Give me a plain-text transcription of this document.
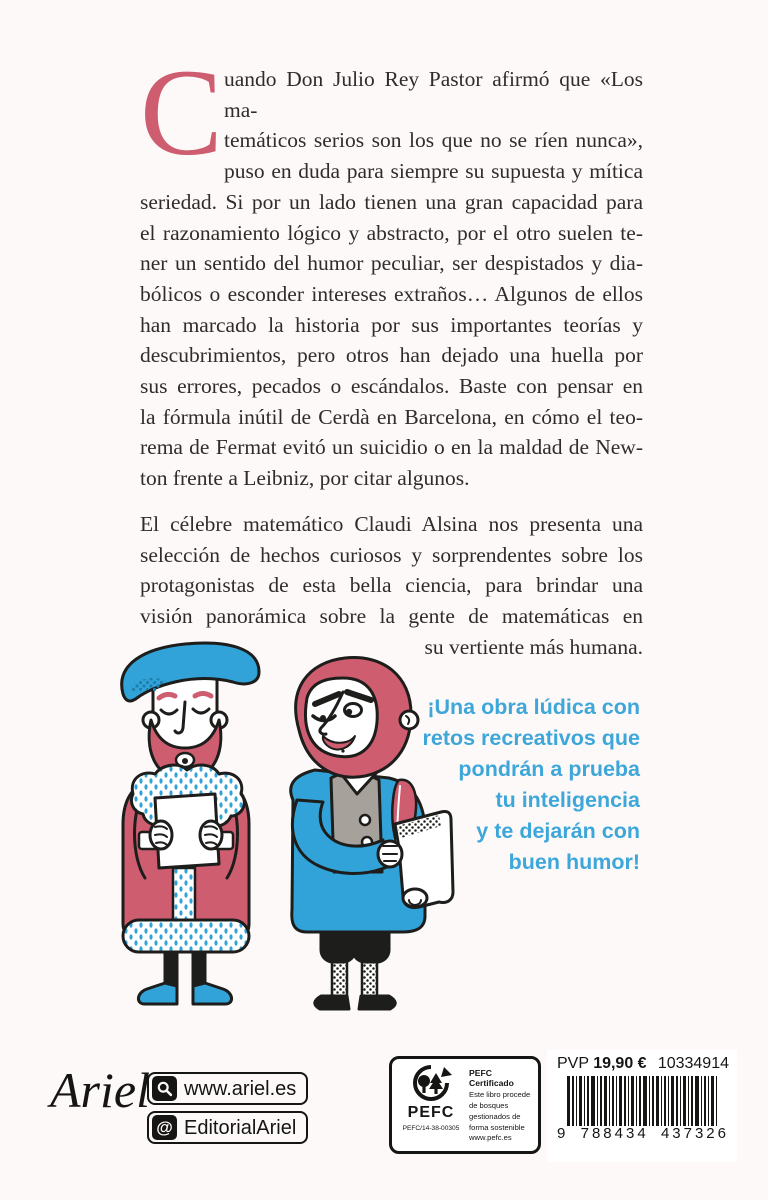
C uando Don Julio Rey Pastor afirmó que «Los ma-
temáticos serios son los que no se ríen nunca»,
puso en duda para siempre su supuesta y mítica
seriedad. Si por un lado tienen una gran capacidad para
el razonamiento lógico y abstracto, por el otro suelen te-
ner un sentido del humor peculiar, ser despistados y dia-
bólicos o esconder intereses extraños… Algunos de ellos
han marcado la historia por sus importantes teorías y
descubrimientos, pero otros han dejado una huella por
sus errores, pecados o escándalos. Baste con pensar en
la fórmula inútil de Cerdà en Barcelona, en cómo el teo-
rema de Fermat evitó un suicidio o en la maldad de New-
ton frente a Leibniz, por citar algunos.
El célebre matemático Claudi Alsina nos presenta una
selección de hechos curiosos y sorprendentes sobre los
protagonistas de esta bella ciencia, para brindar una
visión panorámica sobre la gente de matemáticas en
su vertiente más humana.
¡Una obra lúdica con
retos recreativos que
pondrán a prueba
tu inteligencia
y te dejarán con
buen humor!
Ariel www.ariel.es
@ EditorialAriel
PEFC
PEFC/14-38-00305
PEFC Certificado
Este libro procede de bosques gestionados de forma sostenible
www.pefc.es
PVP 19,90 € 10334914
9 788434 437326
